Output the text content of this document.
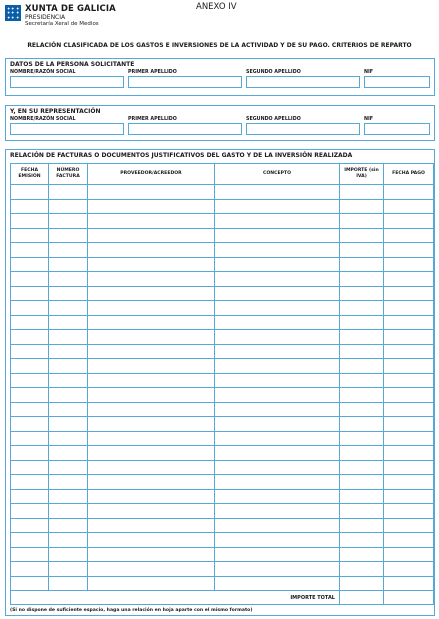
XUNTA DE GALICIA
PRESIDENCIA
Secretaría Xeral de Medios
ANEXO IV
RELACIÓN CLASIFICADA DE LOS GASTOS E INVERSIONES DE LA ACTIVIDAD Y DE SU PAGO. CRITERIOS DE REPARTO
DATOS DE LA PERSONA SOLICITANTE
NOMBRE/RAZÓN SOCIAL	PRIMER APELLIDO	SEGUNDO APELLIDO	NIF
Y, EN SU REPRESENTACIÓN
NOMBRE/RAZÓN SOCIAL	PRIMER APELLIDO	SEGUNDO APELLIDO	NIF
RELACIÓN DE FACTURAS O DOCUMENTOS JUSTIFICATIVOS DEL GASTO Y DE LA INVERSIÓN REALIZADA
FECHA EMISIÓN	NÚMERO FACTURA	PROVEEDOR/ACREEDOR	CONCEPTO	IMPORTE (sin IVA)	FECHA PAGO

IMPORTE TOTAL					
(Si no dispone de suficiente espacio, haga una relación en hoja aparte con el mismo formato)
